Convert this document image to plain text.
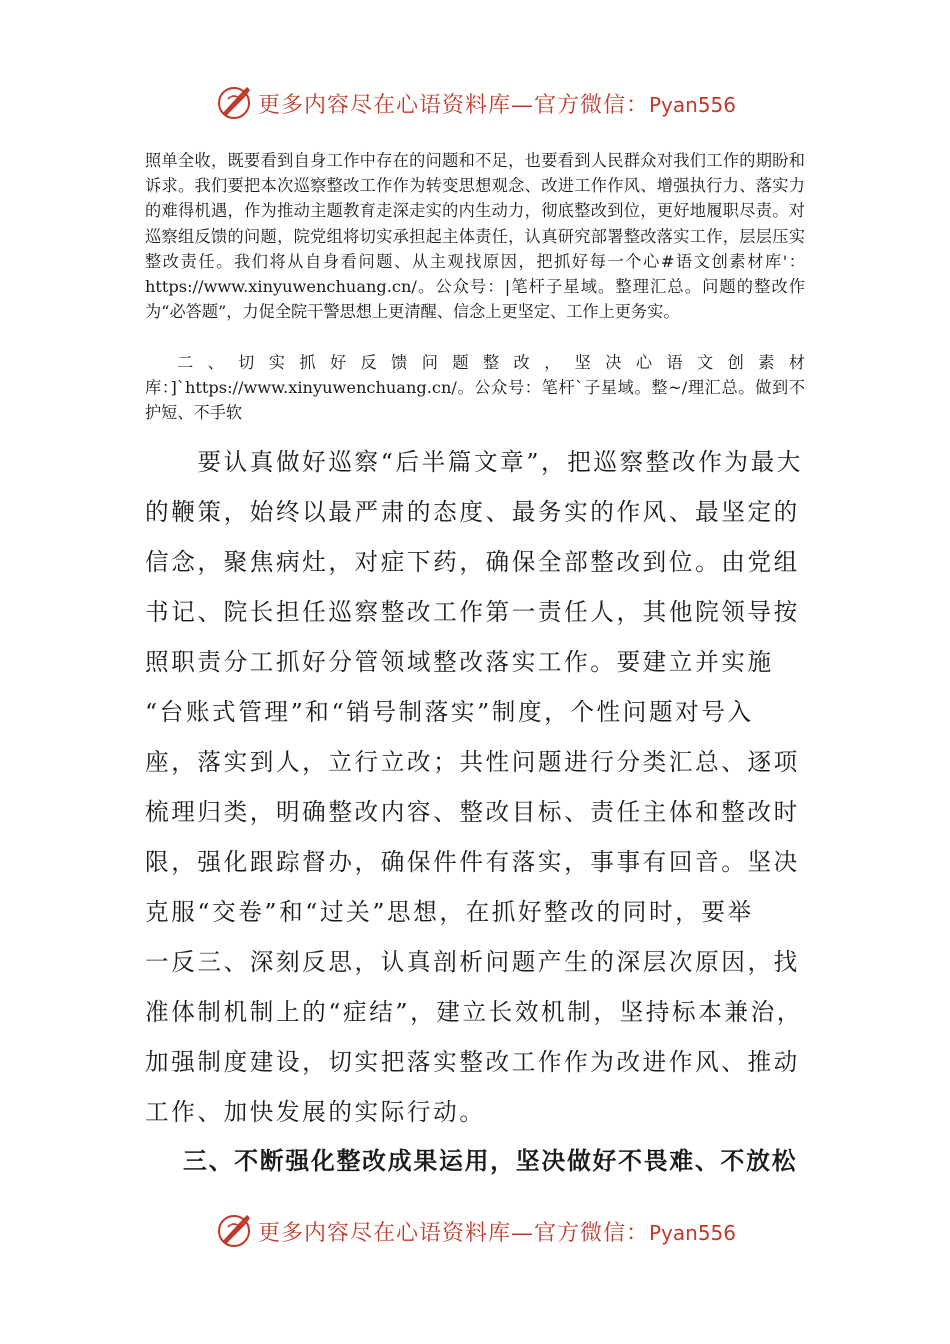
更多内容尽在心语资料库—官方微信：Pyan556

照单全收，既要看到自身工作中存在的问题和不足，也要看到人民群众对我们工作的期盼和诉求。我们要把本次巡察整改工作作为转变思想观念、改进工作作风、增强执行力、落实力的难得机遇，作为推动主题教育走深走实的内生动力，彻底整改到位，更好地履职尽责。对巡察组反馈的问题，院党组将切实承担起主体责任，认真研究部署整改落实工作，层层压实整改责任。我们将从自身看问题、从主观找原因，把抓好每一个心#语文创素材库'：https://www.xinyuwenchuang.cn/。公众号：|笔杆子星域。整理汇总。问题的整改作为“必答题”，力促全院干警思想上更清醒、信念上更坚定、工作上更务实。

二、切实抓好反馈问题整改，坚决心语文创素材库：]`https://www.xinyuwenchuang.cn/。公众号：笔杆`子星域。整~/理汇总。做到不护短、不手软

　　要认真做好巡察“后半篇文章”，把巡察整改作为最大
的鞭策，始终以最严肃的态度、最务实的作风、最坚定的
信念，聚焦病灶，对症下药，确保全部整改到位。由党组
书记、院长担任巡察整改工作第一责任人，其他院领导按
照职责分工抓好分管领域整改落实工作。要建立并实施
“台账式管理”和“销号制落实”制度，个性问题对号入
座，落实到人，立行立改；共性问题进行分类汇总、逐项
梳理归类，明确整改内容、整改目标、责任主体和整改时
限，强化跟踪督办，确保件件有落实，事事有回音。坚决
克服“交卷”和“过关”思想，在抓好整改的同时，要举
一反三、深刻反思，认真剖析问题产生的深层次原因，找
准体制机制上的“症结”，建立长效机制，坚持标本兼治，
加强制度建设，切实把落实整改工作作为改进作风、推动
工作、加快发展的实际行动。

三、不断强化整改成果运用，坚决做好不畏难、不放松

更多内容尽在心语资料库—官方微信：Pyan556
